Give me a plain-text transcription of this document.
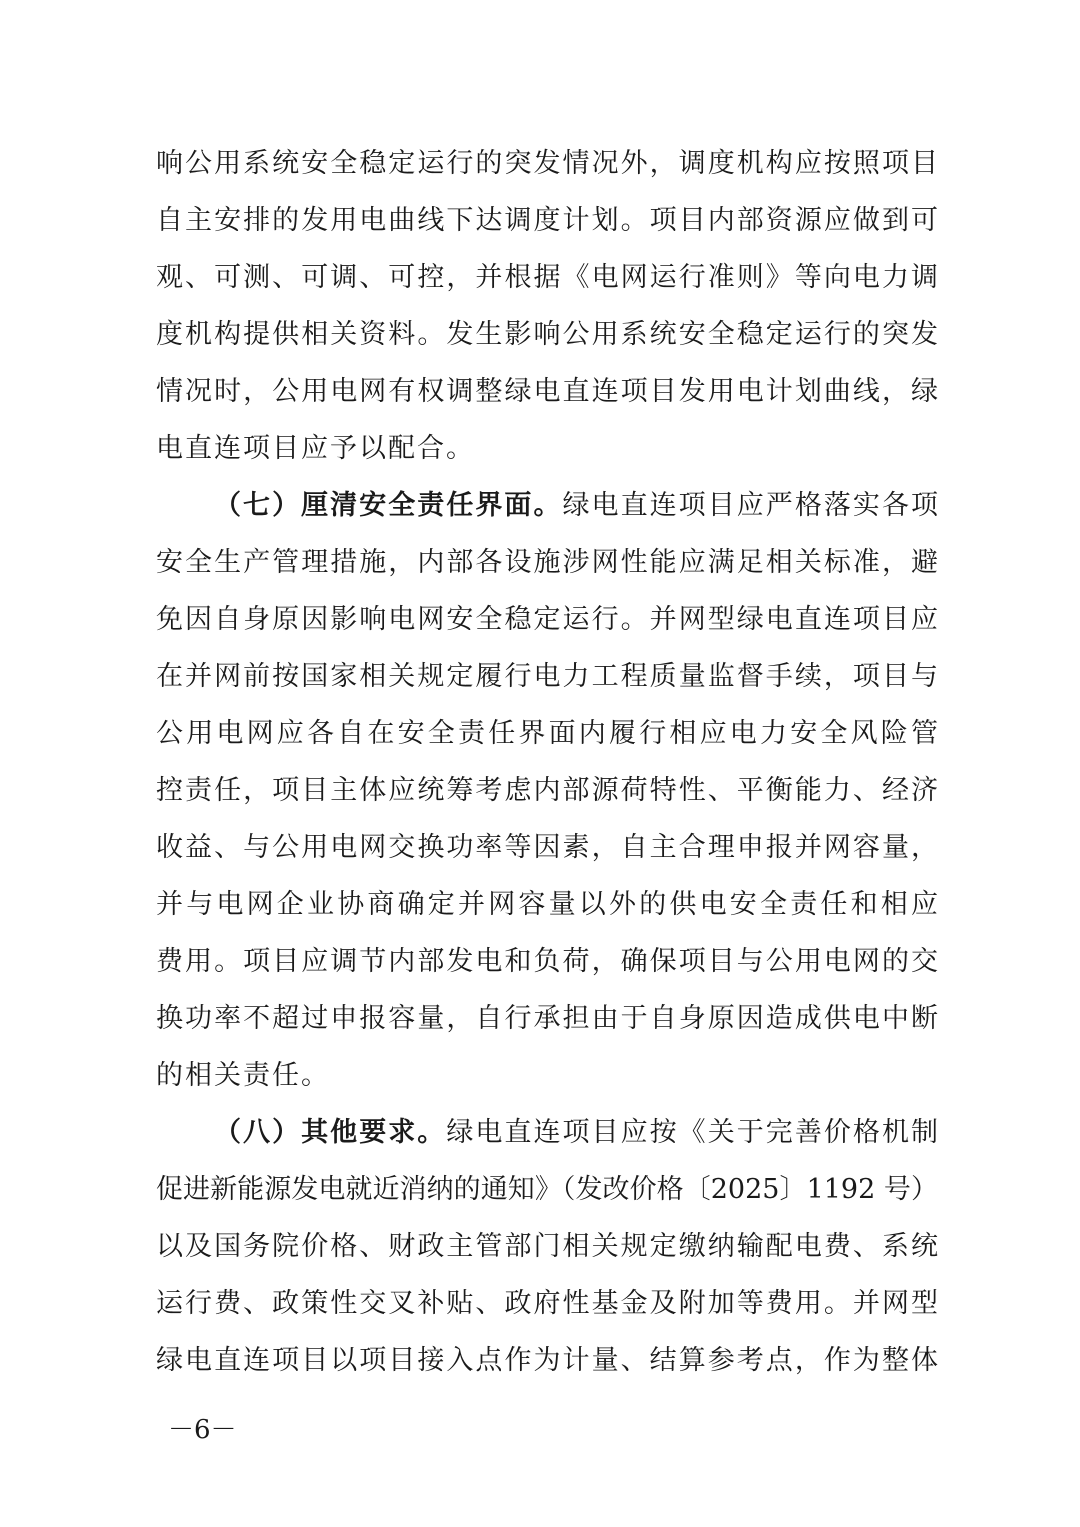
响公用系统安全稳定运行的突发情况外，调度机构应按照项目
自主安排的发用电曲线下达调度计划。项目内部资源应做到可
观、可测、可调、可控，并根据《电网运行准则》等向电力调
度机构提供相关资料。发生影响公用系统安全稳定运行的突发
情况时，公用电网有权调整绿电直连项目发用电计划曲线，绿
电直连项目应予以配合。
（七）厘清安全责任界面。绿电直连项目应严格落实各项
安全生产管理措施，内部各设施涉网性能应满足相关标准，避
免因自身原因影响电网安全稳定运行。并网型绿电直连项目应
在并网前按国家相关规定履行电力工程质量监督手续，项目与
公用电网应各自在安全责任界面内履行相应电力安全风险管
控责任，项目主体应统筹考虑内部源荷特性、平衡能力、经济
收益、与公用电网交换功率等因素，自主合理申报并网容量，
并与电网企业协商确定并网容量以外的供电安全责任和相应
费用。项目应调节内部发电和负荷，确保项目与公用电网的交
换功率不超过申报容量，自行承担由于自身原因造成供电中断
的相关责任。
（八）其他要求。绿电直连项目应按《关于完善价格机制
促进新能源发电就近消纳的通知》（发改价格〔2025〕1192 号）
以及国务院价格、财政主管部门相关规定缴纳输配电费、系统
运行费、政策性交叉补贴、政府性基金及附加等费用。并网型
绿电直连项目以项目接入点作为计量、结算参考点，作为整体
－6－
